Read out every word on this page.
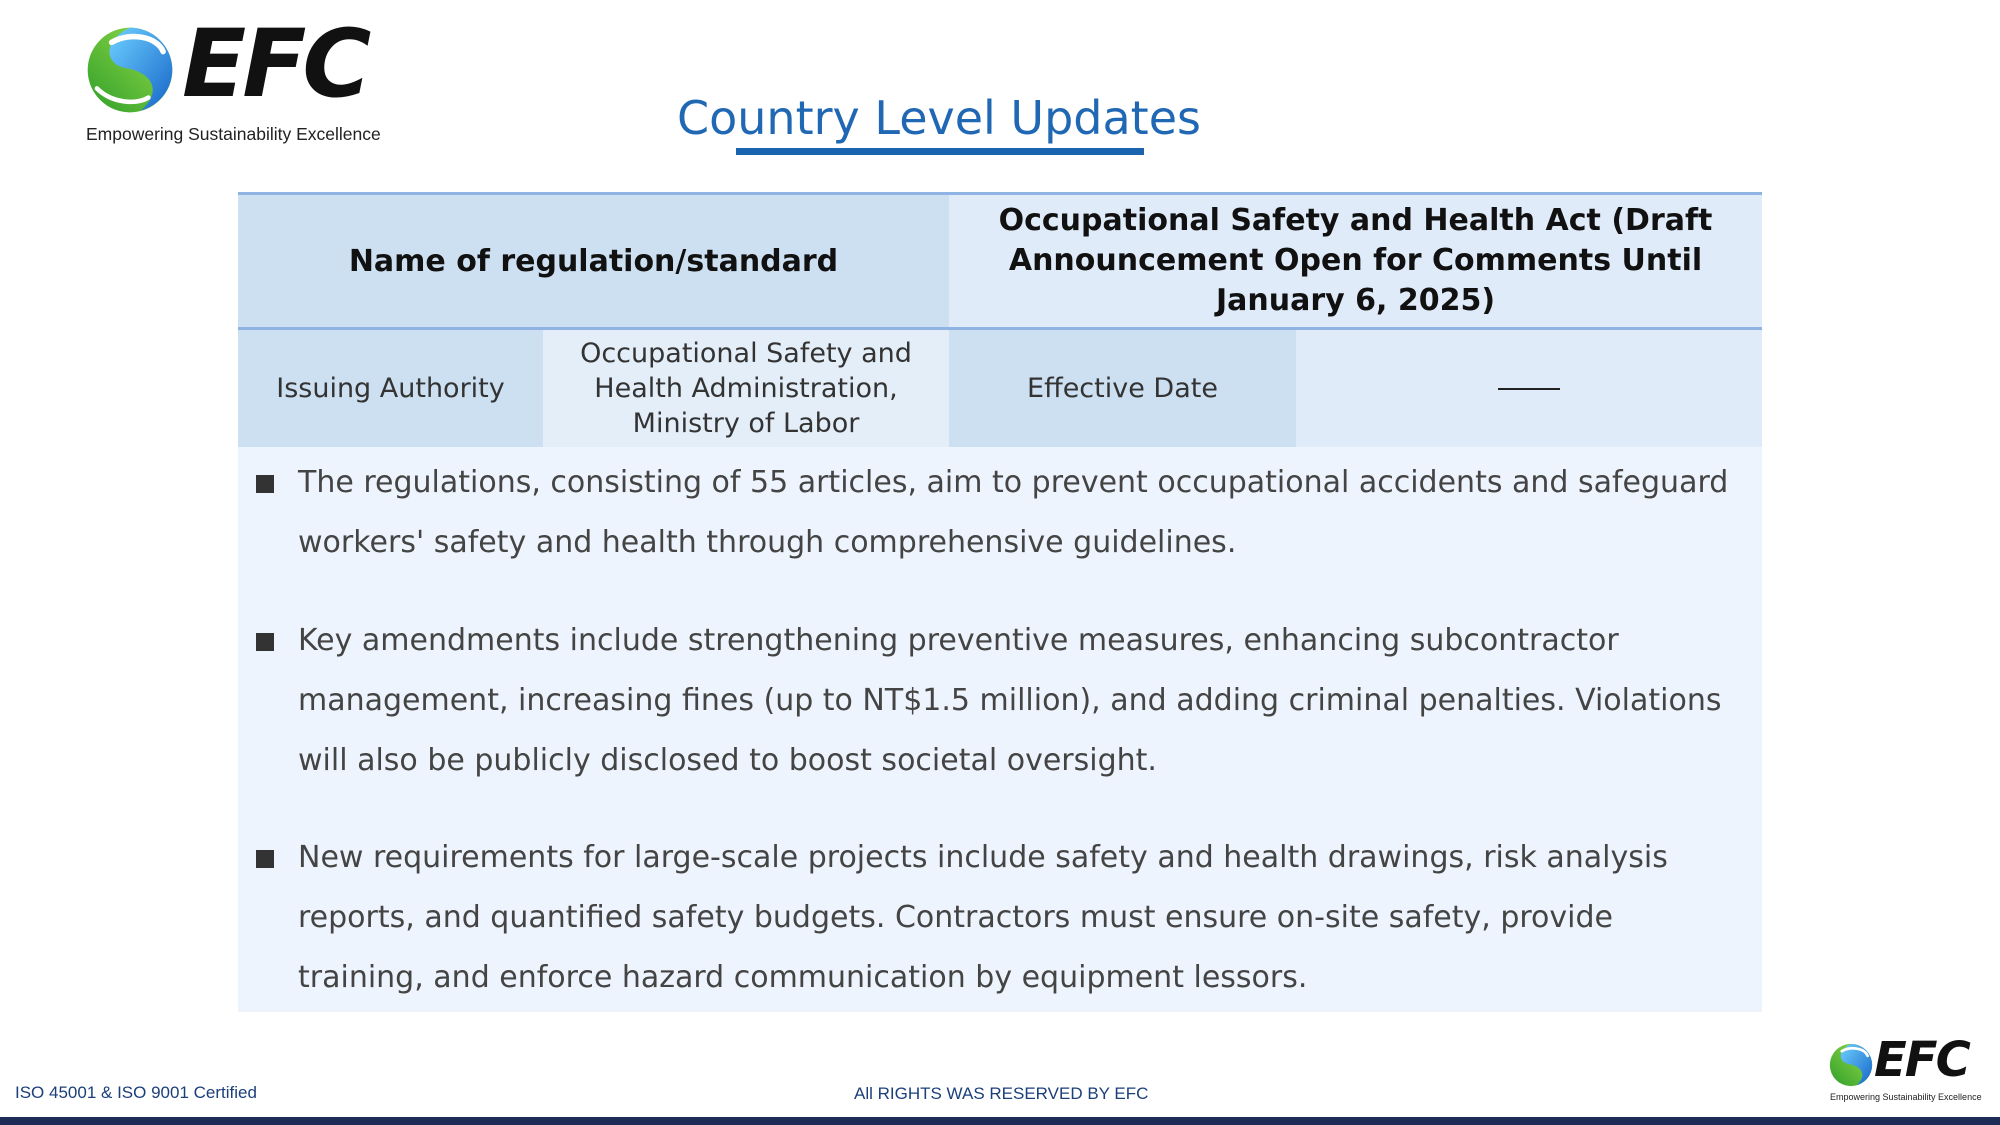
EFC
Empowering Sustainability Excellence	Country Level Updates
Name of regulation/standard
Occupational Safety and Health Act (Draft Announcement Open for Comments Until January 6, 2025)
Issuing Authority
Occupational Safety and Health Administration, Ministry of Labor
Effective Date
The regulations, consisting of 55 articles, aim to prevent occupational accidents and safeguard workers' safety and health through comprehensive guidelines.
Key amendments include strengthening preventive measures, enhancing subcontractor management, increasing fines (up to NT$1.5 million), and adding criminal penalties. Violations will also be publicly disclosed to boost societal oversight.
New requirements for large-scale projects include safety and health drawings, risk analysis reports, and quantified safety budgets. Contractors must ensure on-site safety, provide training, and enforce hazard communication by equipment lessors.
ISO 45001 & ISO 9001 Certified	All RIGHTS WAS RESERVED BY EFC
EFC
Empowering Sustainability Excellence
